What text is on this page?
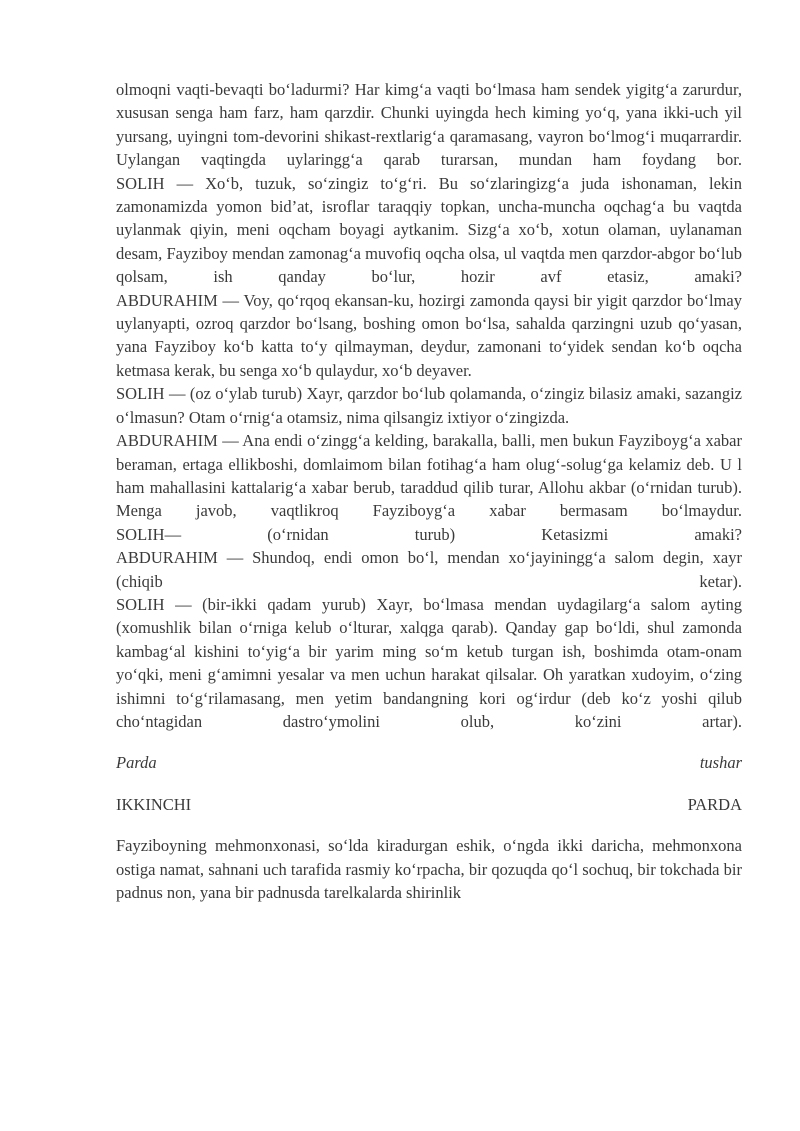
olmoqni vaqti-bevaqti bo‘ladurmi? Har kimg‘a vaqti bo‘lmasa ham sendek yigitg‘a zarurdur, xususan senga ham farz, ham qarzdir. Chunki uyingda hech kiming yo‘q, yana ikki-uch yil yursang, uyingni tom-devorini shikast-rextlarig‘a qaramasang, vayron bo‘lmog‘i muqarrardir. Uylangan vaqtingda uylaringg‘a qarab turarsan, mundan ham foydang bor.

SOLIH — Xo‘b, tuzuk, so‘zingiz to‘g‘ri. Bu so‘zlaringizg‘a juda ishonaman, lekin zamonamizda yomon bid’at, isroflar taraqqiy topkan, uncha-muncha oqchag‘a bu vaqtda uylanmak qiyin, meni oqcham boyagi aytkanim. Sizg‘a xo‘b, xotun olaman, uylanaman desam, Fayziboy mendan zamonag‘a muvofiq oqcha olsa, ul vaqtda men qarzdor-abgor bo‘lub qolsam, ish qanday bo‘lur, hozir avf etasiz, amaki?

ABDURAHIM — Voy, qo‘rqoq ekansan-ku, hozirgi zamonda qaysi bir yigit qarzdor bo‘lmay uylanyapti, ozroq qarzdor bo‘lsang, boshing omon bo‘lsa, sahalda qarzingni uzub qo‘yasan, yana Fayziboy ko‘b katta to‘y qilmayman, deydur, zamonani to‘yidek sendan ko‘b oqcha ketmasa kerak, bu senga xo‘b qulaydur, xo‘b deyaver.

SOLIH — (oz o‘ylab turub) Xayr, qarzdor bo‘lub qolamanda, o‘zingiz bilasiz amaki, sazangiz o‘lmasun? Otam o‘rnig‘a otamsiz, nima qilsangiz ixtiyor o‘zingizda.

ABDURAHIM — Ana endi o‘zingg‘a kelding, barakalla, balli, men bukun Fayziboyg‘a xabar beraman, ertaga ellikboshi, domlaimom bilan fotihag‘a ham olug‘-solug‘ga kelamiz deb. U l ham mahallasini kattalarig‘a xabar berub, taraddud qilib turar, Allohu akbar (o‘rnidan turub). Menga javob, vaqtlikroq Fayziboyg‘a xabar bermasam bo‘lmaydur.

SOLIH— (o‘rnidan turub) Ketasizmi amaki?

ABDURAHIM — Shundoq, endi omon bo‘l, mendan xo‘jayiningg‘a salom degin, xayr (chiqib ketar).

SOLIH — (bir-ikki qadam yurub) Xayr, bo‘lmasa mendan uydagilarg‘a salom ayting (xomushlik bilan o‘rniga kelub o‘lturar, xalqga qarab). Qanday gap bo‘ldi, shul zamonda kambag‘al kishini to‘yig‘a bir yarim ming so‘m ketub turgan ish, boshimda otam-onam yo‘qki, meni g‘amimni yesalar va men uchun harakat qilsalar. Oh yaratkan xudoyim, o‘zing ishimni to‘g‘rilamasang, men yetim bandangning kori og‘irdur (deb ko‘z yoshi qilub cho‘ntagidan dastro‘ymolini olub, ko‘zini artar).

Parda	tushar
IKKINCHI	PARDA

Fayziboyning mehmonxonasi, so‘lda kiradurgan eshik, o‘ngda ikki daricha, mehmonxona ostiga namat, sahnani uch tarafida rasmiy ko‘rpacha, bir qozuqda qo‘l sochuq, bir tokchada bir padnus non, yana bir padnusda tarelkalarda shirinlik
